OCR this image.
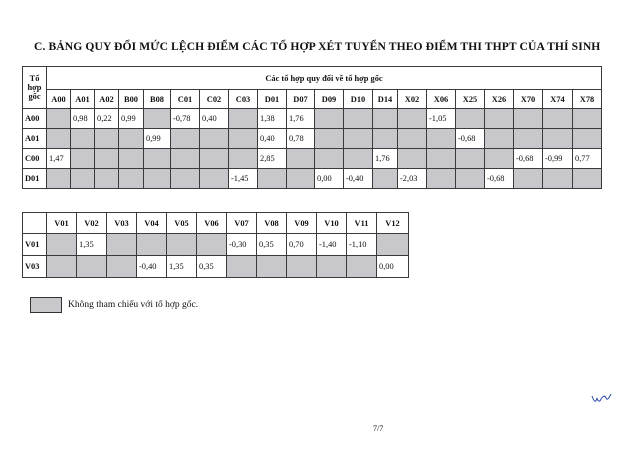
C. BẢNG QUY ĐỔI MỨC LỆCH ĐIỂM CÁC TỔ HỢP XÉT TUYỂN THEO ĐIỂM THI THPT CỦA THÍ SINH
Tổ
hợp
gốc	Các tổ hợp quy đổi về tổ hợp gốc																			
	A00	A01	A02	B00	B08	C01	C02	C03	D01	D07	D09	D10	D14	X02	X06	X25	X26	X70	X74	X78
A00		0,98	0,22	0,99		-0,78	0,40		1,38	1,76					-1,05					
A01					0,99				0,40	0,78						-0,68				
C00	1,47								2,85				1,76					-0,68	-0,99	0,77
D01								-1,45			0,00	-0,40		-2,03			-0,68			
	V01	V02	V03	V04	V05	V06	V07	V08	V09	V10	V11	V12
V01		1,35					-0,30	0,35	0,70	-1,40	-1,10	
V03				-0,40	1,35	0,35						0,00
Không tham chiếu với tổ hợp gốc.
7/7
